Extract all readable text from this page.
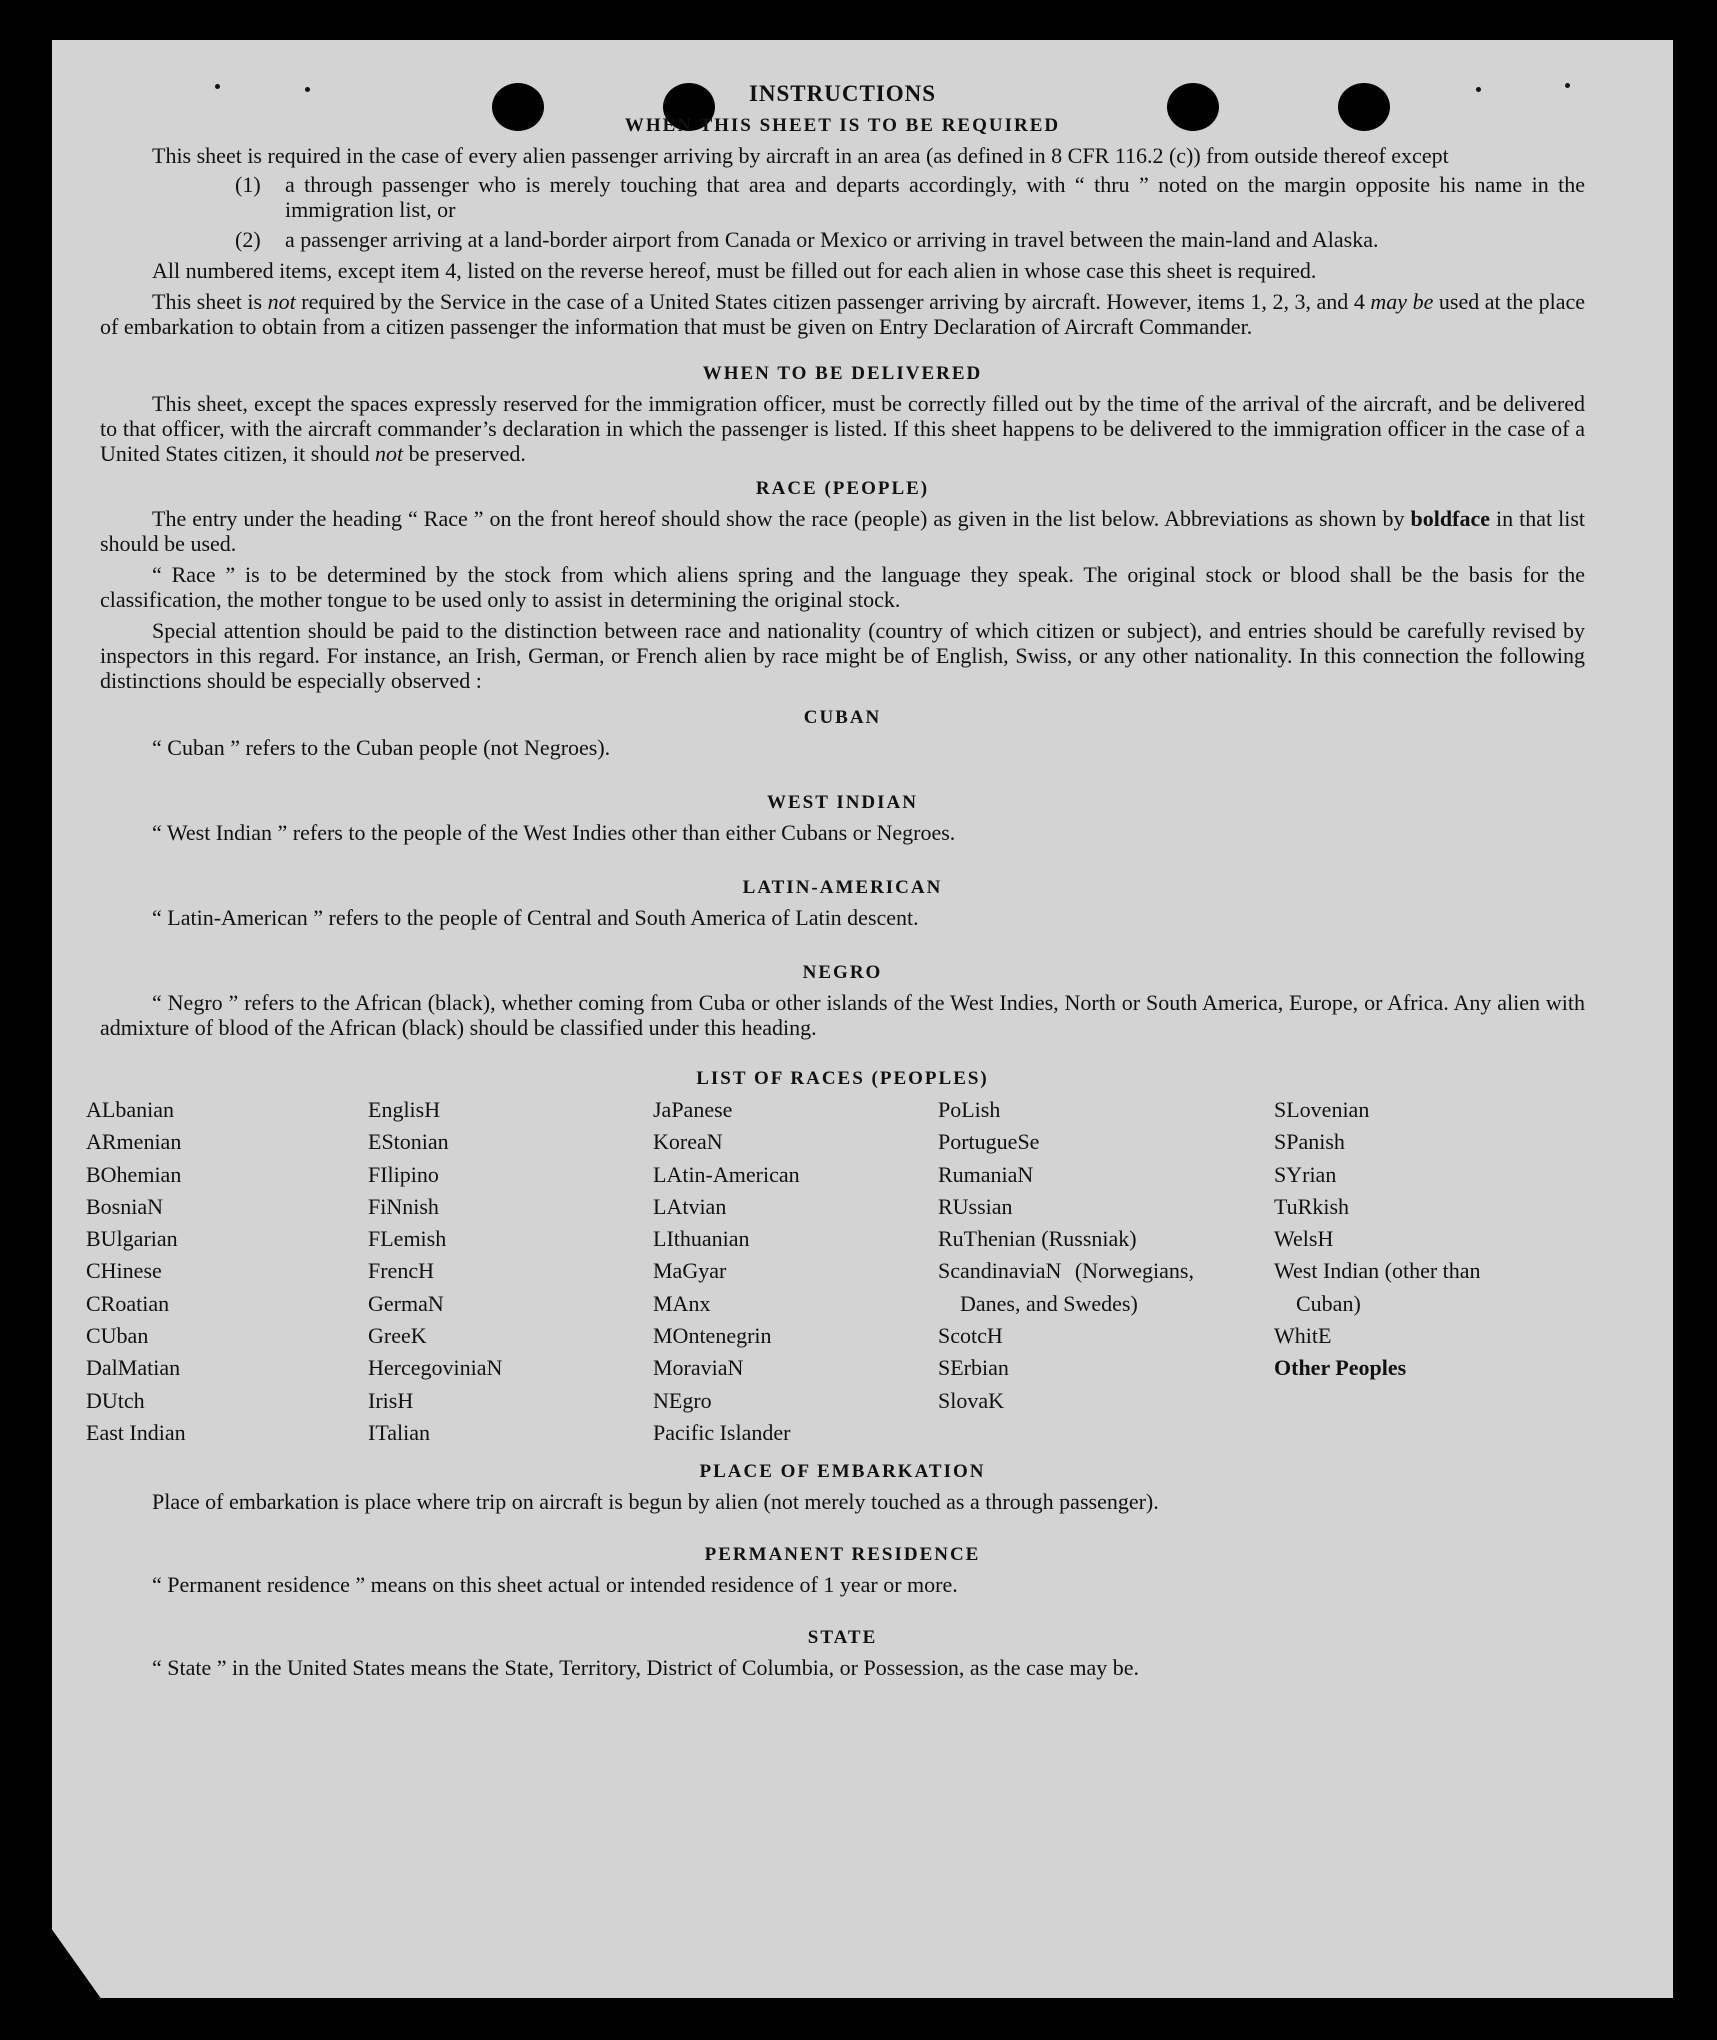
INSTRUCTIONS
WHEN THIS SHEET IS TO BE REQUIRED

This sheet is required in the case of every alien passenger arriving by aircraft in an area (as defined in 8 CFR 116.2 (c)) from outside thereof except

(1)	a through passenger who is merely touching that area and departs accordingly, with “ thru ” noted on the margin opposite his name in the immigration list, or
(2)	a passenger arriving at a land-border airport from Canada or Mexico or arriving in travel between the main-land and Alaska.

All numbered items, except item 4, listed on the reverse hereof, must be filled out for each alien in whose case this sheet is required.

This sheet is not required by the Service in the case of a United States citizen passenger arriving by aircraft. However, items 1, 2, 3, and 4 may be used at the place of embarkation to obtain from a citizen passenger the information that must be given on Entry Declaration of Aircraft Commander.

WHEN TO BE DELIVERED

This sheet, except the spaces expressly reserved for the immigration officer, must be correctly filled out by the time of the arrival of the aircraft, and be delivered to that officer, with the aircraft commander’s declaration in which the passenger is listed. If this sheet happens to be delivered to the immigration officer in the case of a United States citizen, it should not be preserved.

RACE (PEOPLE)

The entry under the heading “ Race ” on the front hereof should show the race (people) as given in the list below. Abbreviations as shown by boldface in that list should be used.

“ Race ” is to be determined by the stock from which aliens spring and the language they speak. The original stock or blood shall be the basis for the classification, the mother tongue to be used only to assist in determining the original stock.

Special attention should be paid to the distinction between race and nationality (country of which citizen or subject), and entries should be carefully revised by inspectors in this regard. For instance, an Irish, German, or French alien by race might be of English, Swiss, or any other nationality. In this connection the following distinctions should be especially observed :

CUBAN

“ Cuban ” refers to the Cuban people (not Negroes).

WEST INDIAN

“ West Indian ” refers to the people of the West Indies other than either Cubans or Negroes.

LATIN-AMERICAN

“ Latin-American ” refers to the people of Central and South America of Latin descent.

NEGRO

“ Negro ” refers to the African (black), whether coming from Cuba or other islands of the West Indies, North or South America, Europe, or Africa. Any alien with admixture of blood of the African (black) should be classified under this heading.

LIST OF RACES (PEOPLES)
ALbanian
ARmenian
BOhemian
BosniaN
BUlgarian
CHinese
CRoatian
CUban
DalMatian
DUtch
East Indian
EnglisH
EStonian
FIlipino
FiNnish
FLemish
FrencH
GermaN
GreeK
HercegoviniaN
IrisH
ITalian
JaPanese
KoreaN
LAtin-American
LAtvian
LIthuanian
MaGyar
MAnx
MOntenegrin
MoraviaN
NEgro
Pacific Islander
PoLish
PortugueSe
RumaniaN
RUssian
RuThenian (Russniak)
ScandinaviaN (Norwegians, Danes, and Swedes)
ScotcH
SErbian
SlovaK
SLovenian
SPanish
SYrian
TuRkish
WelsH
West Indian (other than Cuban)
WhitE
Other Peoples
PLACE OF EMBARKATION

Place of embarkation is place where trip on aircraft is begun by alien (not merely touched as a through passenger).

PERMANENT RESIDENCE

“ Permanent residence ” means on this sheet actual or intended residence of 1 year or more.

STATE

“ State ” in the United States means the State, Territory, District of Columbia, or Possession, as the case may be.
